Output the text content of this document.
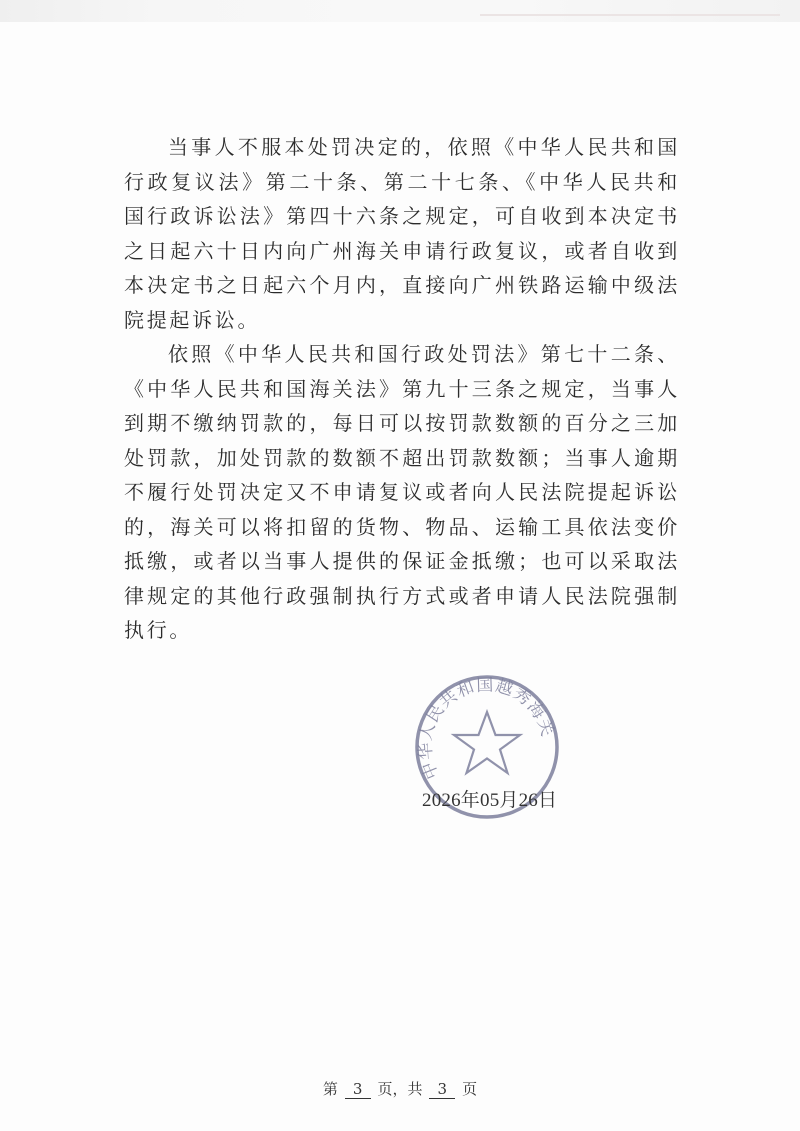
当事人不服本处罚决定的，依照《中华人民共和国行政复议法》第二十条、第二十七条、《中华人民共和国行政诉讼法》第四十六条之规定，可自收到本决定书之日起六十日内向广州海关申请行政复议，或者自收到本决定书之日起六个月内，直接向广州铁路运输中级法院提起诉讼。

依照《中华人民共和国行政处罚法》第七十二条、《中华人民共和国海关法》第九十三条之规定，当事人到期不缴纳罚款的，每日可以按罚款数额的百分之三加处罚款，加处罚款的数额不超出罚款数额；当事人逾期不履行处罚决定又不申请复议或者向人民法院提起诉讼的，海关可以将扣留的货物、物品、运输工具依法变价抵缴，或者以当事人提供的保证金抵缴；也可以采取法律规定的其他行政强制执行方式或者申请人民法院强制执行。

中华人民共和国越秀海关
2026年05月26日
第 3 页，共 3 页
